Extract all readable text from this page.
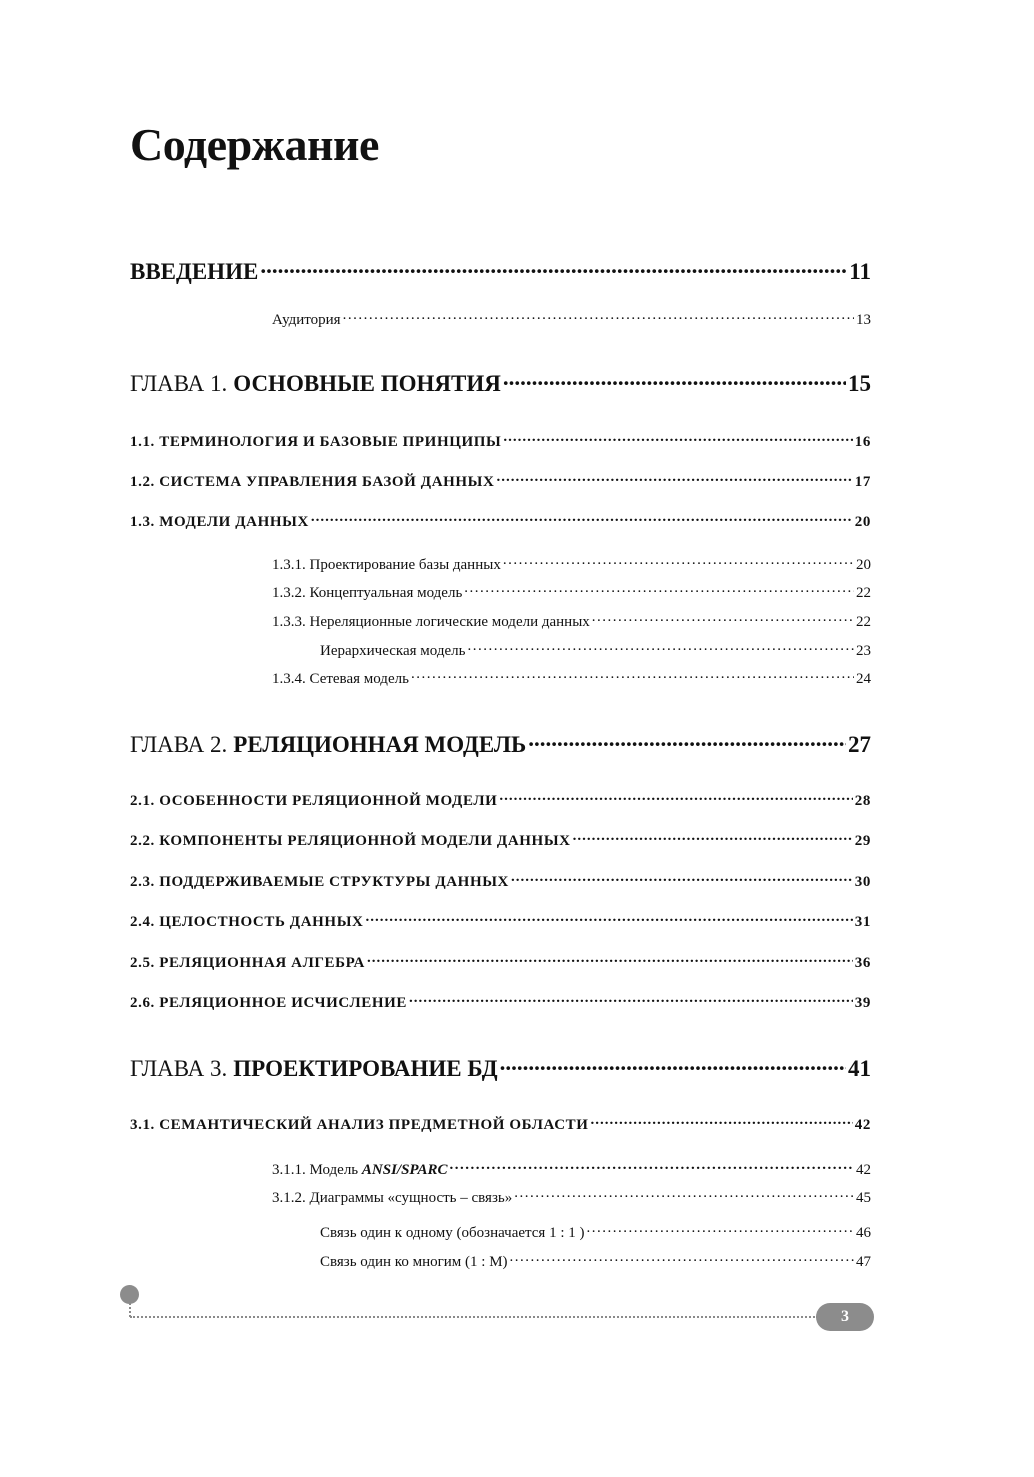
Содержание
ВВЕДЕНИЕ .....	11
Аудитория .....	13
ГЛАВА 1. ОСНОВНЫЕ ПОНЯТИЯ .....	15
1.1. ТЕРМИНОЛОГИЯ И БАЗОВЫЕ ПРИНЦИПЫ .....	16
1.2. СИСТЕМА УПРАВЛЕНИЯ БАЗОЙ ДАННЫХ .....	17
1.3. МОДЕЛИ ДАННЫХ .....	20
1.3.1. Проектирование базы данных .....	20
1.3.2. Концептуальная модель .....	22
1.3.3. Нереляционные логические модели данных .....	22
Иерархическая модель .....	23
1.3.4. Сетевая модель .....	24
ГЛАВА 2. РЕЛЯЦИОННАЯ МОДЕЛЬ .....	27
2.1. ОСОБЕННОСТИ РЕЛЯЦИОННОЙ МОДЕЛИ .....	28
2.2. КОМПОНЕНТЫ РЕЛЯЦИОННОЙ МОДЕЛИ ДАННЫХ .....	29
2.3. ПОДДЕРЖИВАЕМЫЕ СТРУКТУРЫ ДАННЫХ .....	30
2.4. ЦЕЛОСТНОСТЬ ДАННЫХ .....	31
2.5. РЕЛЯЦИОННАЯ АЛГЕБРА .....	36
2.6. РЕЛЯЦИОННОЕ ИСЧИСЛЕНИЕ .....	39
ГЛАВА 3. ПРОЕКТИРОВАНИЕ БД .....	41
3.1. СЕМАНТИЧЕСКИЙ АНАЛИЗ ПРЕДМЕТНОЙ ОБЛАСТИ .....	42
3.1.1. Модель ANSI/SPARC .....	42
3.1.2. Диаграммы «сущность – связь» .....	45
Связь один к одному (обозначается 1 : 1 ) .....	46
Связь один ко многим (1 : М) .....	47
3
